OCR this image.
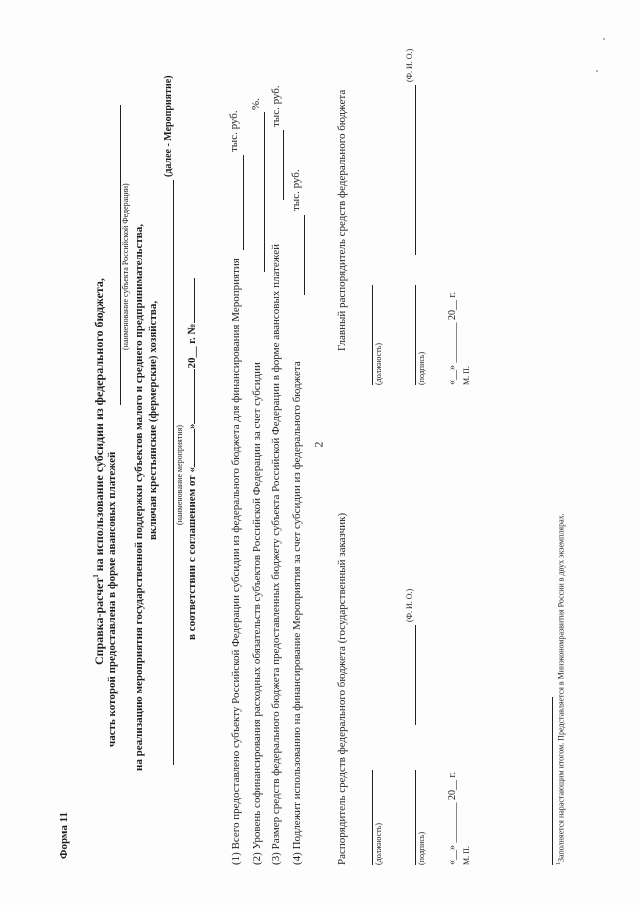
2
Форма 11
Справка-расчет$^1$ на использование субсидии из федерального бюджета,
часть которой предоставлена в форме авансовых платежей
(наименование субъекта Российской Федерации) на реализацию мероприятия государственной поддержки субъектов малого и среднего предпринимательства, включая крестьянские (фермерские) хозяйства,
(далее - Мероприятие)
(наименование мероприятия) в соответствии с соглашением от «»20__ г. №	(1) Всего предоставлено субъекту Российской Федерации субсидии из федерального бюджета для финансирования Мероприятия
тыс. руб.
(2) Уровень софинансирования расходных обязательств субъектов Российской Федерации за счет субсидии
%.
(3) Размер средств федерального бюджета предоставленных бюджету субъекта Российской Федерации в форме авансовых платежей
тыс. руб.
(4) Подлежит использованию на финансирование Мероприятия за счет субсидии из федерального бюджета
тыс. руб.
Распорядитель средств федерального бюджета (государственный заказчик)	(должность)	(подпись)
(Ф. И. О.)
«__» ________ 20__ г. М. П.
Главный распорядитель средств федерального бюджета
(должность)	(подпись)
(Ф. И. О.)
«__» ________ 20__ г. М. П.
$^1$Заполняется нарастающим итогом. Представляется в Минэкономразвития России в двух экземплярах.
